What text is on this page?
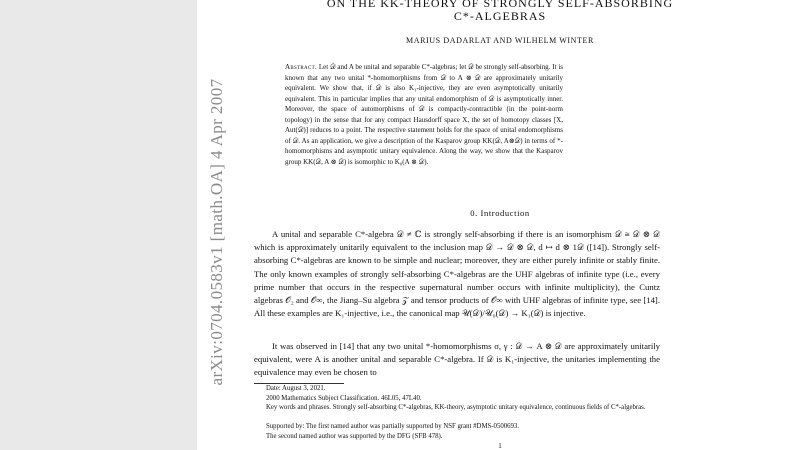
arXiv:0704.0583v1 [math.OA] 4 Apr 2007
ON THE KK-THEORY OF STRONGLY SELF-ABSORBING
C*-ALGEBRAS
MARIUS DADARLAT AND WILHELM WINTER
Abstract. Let 𝒟 and A be unital and separable C*-algebras; let 𝒟 be strongly self-absorbing. It is known that any two unital *-homomorphisms from 𝒟 to A ⊗ 𝒟 are approximately unitarily equivalent. We show that, if 𝒟 is also K₁-injective, they are even asymptotically unitarily equivalent. This in particular implies that any unital endomorphism of 𝒟 is asymptotically inner. Moreover, the space of automorphisms of 𝒟 is compactly-contractible (in the point-norm topology) in the sense that for any compact Hausdorff space X, the set of homotopy classes [X, Aut(𝒟)] reduces to a point. The respective statement holds for the space of unital endomorphisms of 𝒟. As an application, we give a description of the Kasparov group KK(𝒟, A⊗𝒟) in terms of *-homomorphisms and asymptotic unitary equivalence. Along the way, we show that the Kasparov group KK(𝒟, A ⊗ 𝒟) is isomorphic to K₀(A ⊗ 𝒟).
0. Introduction
A unital and separable C*-algebra 𝒟 ≠ ℂ is strongly self-absorbing if there is an isomorphism 𝒟 ≅ 𝒟 ⊗ 𝒟 which is approximately unitarily equivalent to the inclusion map 𝒟 → 𝒟 ⊗ 𝒟, d ↦ d ⊗ 1𝒟 ([14]). Strongly self-absorbing C*-algebras are known to be simple and nuclear; moreover, they are either purely infinite or stably finite. The only known examples of strongly self-absorbing C*-algebras are the UHF algebras of infinite type (i.e., every prime number that occurs in the respective supernatural number occurs with infinite multiplicity), the Cuntz algebras 𝒪₂ and 𝒪∞, the Jiang–Su algebra 𝒵 and tensor products of 𝒪∞ with UHF algebras of infinite type, see [14]. All these examples are K₁-injective, i.e., the canonical map 𝒰(𝒟)/𝒰₀(𝒟) → K₁(𝒟) is injective.
It was observed in [14] that any two unital *-homomorphisms σ, γ : 𝒟 → A ⊗ 𝒟 are approximately unitarily equivalent, were A is another unital and separable C*-algebra. If 𝒟 is K₁-injective, the unitaries implementing the equivalence may even be chosen to
Date: August 3, 2021.
2000 Mathematics Subject Classification. 46L05, 47L40.
Key words and phrases. Strongly self-absorbing C*-algebras, KK-theory, asymptotic unitary equivalence, continuous fields of C*-algebras.
Supported by: The first named author was partially supported by NSF grant #DMS-0500693.
The second named author was supported by the DFG (SFB 478).
1
